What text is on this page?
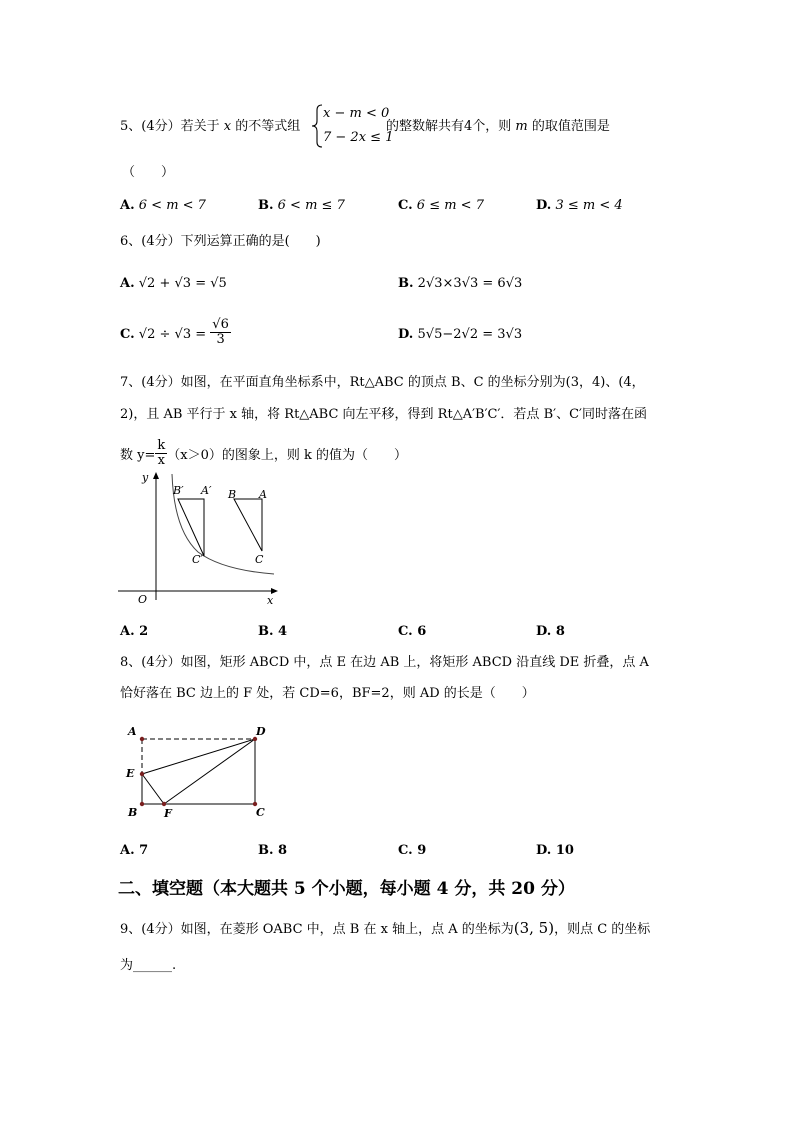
5、(4分）若关于 x 的不等式组
x − m < 0
7 − 2x ≤ 1
的整数解共有4个，则 m 的取值范围是
（　　）
A. 6 < m < 7	B. 6 < m ≤ 7	C. 6 ≤ m < 7	D. 3 ≤ m < 4
6、(4分）下列运算正确的是(　　)
A. √2 + √3 = √5	B. 2√3×3√3 = 6√3
C. $√2 \div √3 = \frac{√6}{3}$	D. 5√5−2√2 = 3√3
7、(4分）如图，在平面直角坐标系中，Rt△ABC 的顶点 B、C 的坐标分别为(3，4)、(4，
2)，且 AB 平行于 x 轴，将 Rt△ABC 向左平移，得到 Rt△A′B′C′．若点 B′、C′同时落在函
数 $y= \frac{k}{x} (x>0)$的图象上，则 k 的值为（　　）
y
x
O
B′ A′
C′
B A
C
A. 2	B. 4	C. 6	D. 8
8、(4分）如图，矩形 ABCD 中，点 E 在边 AB 上，将矩形 ABCD 沿直线 DE 折叠，点 A
恰好落在 BC 边上的 F 处，若 CD=6，BF=2，则 AD 的长是（　　）
A	D
E
B F	C
A. 7	B. 8	C. 9	D. 10
二、填空题（本大题共 5 个小题，每小题 4 分，共 20 分）
9、(4分）如图，在菱形 OABC 中，点 B 在 x 轴上，点 A 的坐标为(3, 5)，则点 C 的坐标
为______.
